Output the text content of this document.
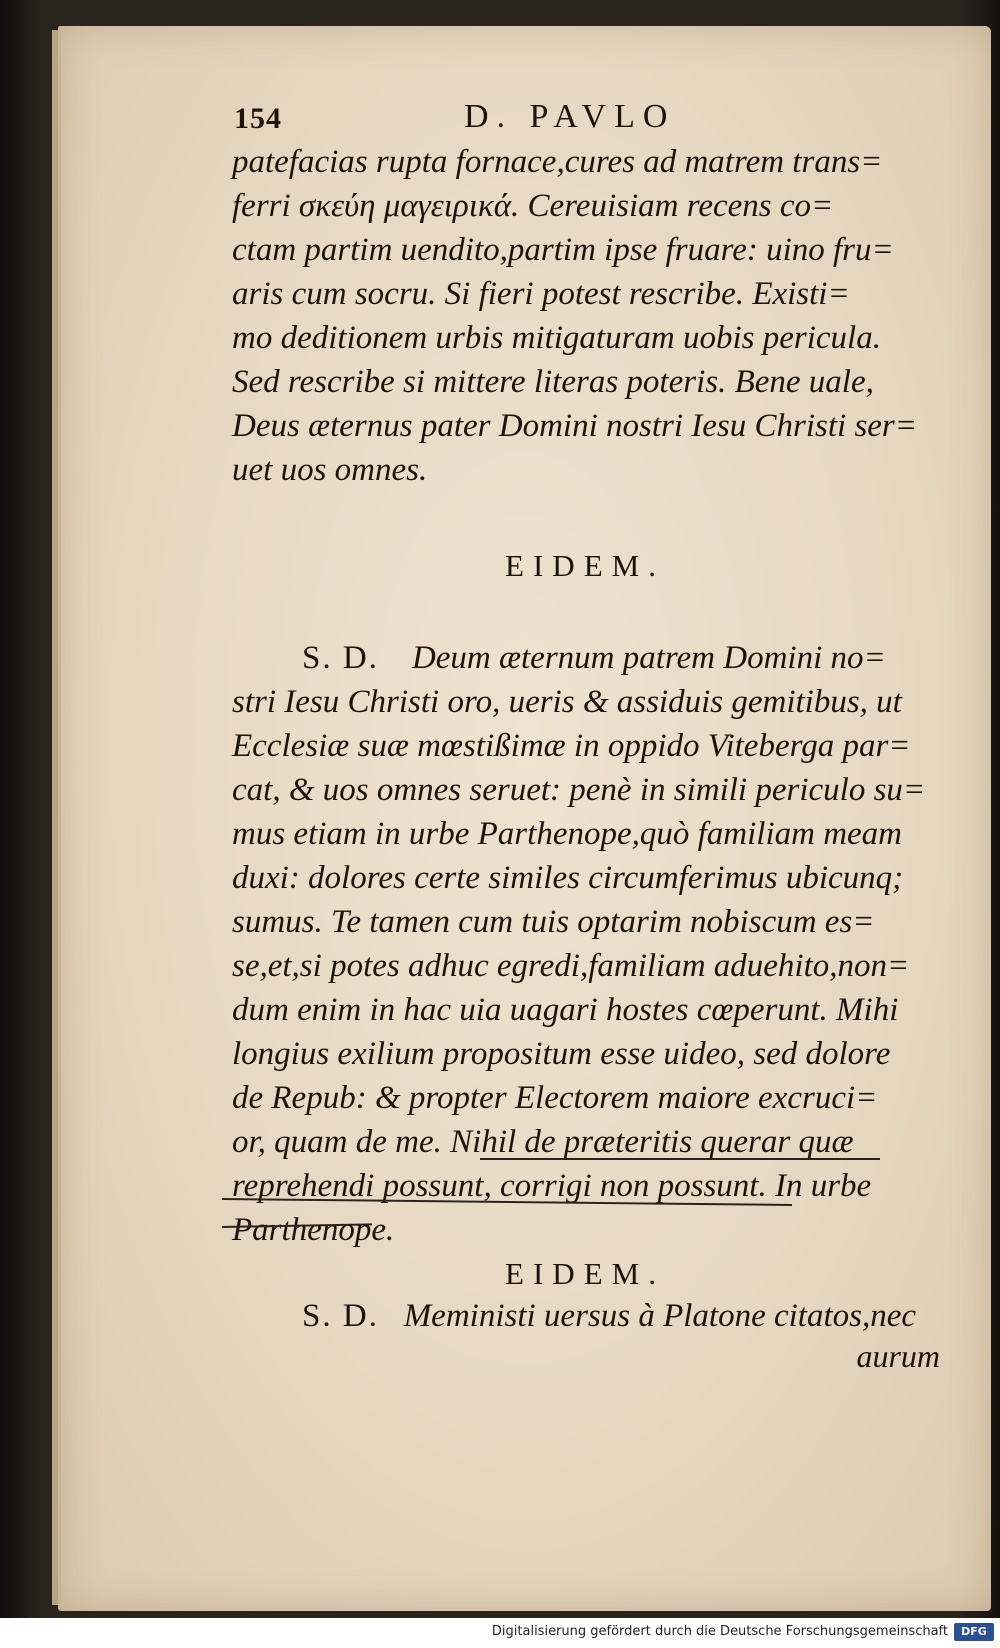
154	D. PAVLO
patefacias rupta fornace,cures ad matrem trans=
ferri σκεύη μαγειρικά. Cereuisiam recens co=
ctam partim uendito,partim ipse fruare: uino fru=
aris cum socru. Si fieri potest rescribe. Existi=
mo deditionem urbis mitigaturam uobis pericula.
Sed rescribe si mittere literas poteris. Bene uale,
Deus æternus pater Domini nostri Iesu Christi ser=
uet uos omnes.
EIDEM.
S. D. Deum æternum patrem Domini no=
stri Iesu Christi oro, ueris & assiduis gemitibus, ut
Ecclesiæ suæ mœstißimæ in oppido Viteberga par=
cat, & uos omnes seruet: penè in simili periculo su=
mus etiam in urbe Parthenope,quò familiam meam
duxi: dolores certe similes circumferimus ubicunq;
sumus. Te tamen cum tuis optarim nobiscum es=
se,et,si potes adhuc egredi,familiam aduehito,non=
dum enim in hac uia uagari hostes cœperunt. Mihi
longius exilium propositum esse uideo, sed dolore
de Repub: & propter Electorem maiore excruci=
or, quam de me. Nihil de præteritis querar quæ
reprehendi possunt, corrigi non possunt. In urbe
Parthenope.
EIDEM.
S. D. Meministi uersus à Platone citatos,nec
aurum
Digitalisierung gefördert durch die Deutsche Forschungsgemeinschaft	DFG
